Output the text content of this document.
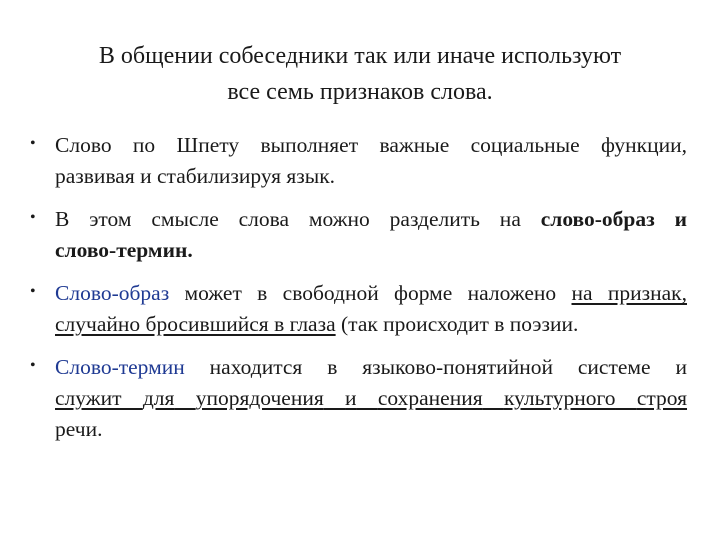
В общении собеседники так или иначе используют
все семь признаков слова.
• Слово по Шпету выполняет важные социальные функции,
развивая и стабилизируя язык.
• В этом смысле слова можно разделить на слово-образ и
слово-термин.
• Слово-образ может в свободной форме наложено на признак,
случайно бросившийся в глаза (так происходит в поэзии.
• Слово-термин находится в языково-понятийной системе и
служит для упорядочения и сохранения культурного строя
речи.
